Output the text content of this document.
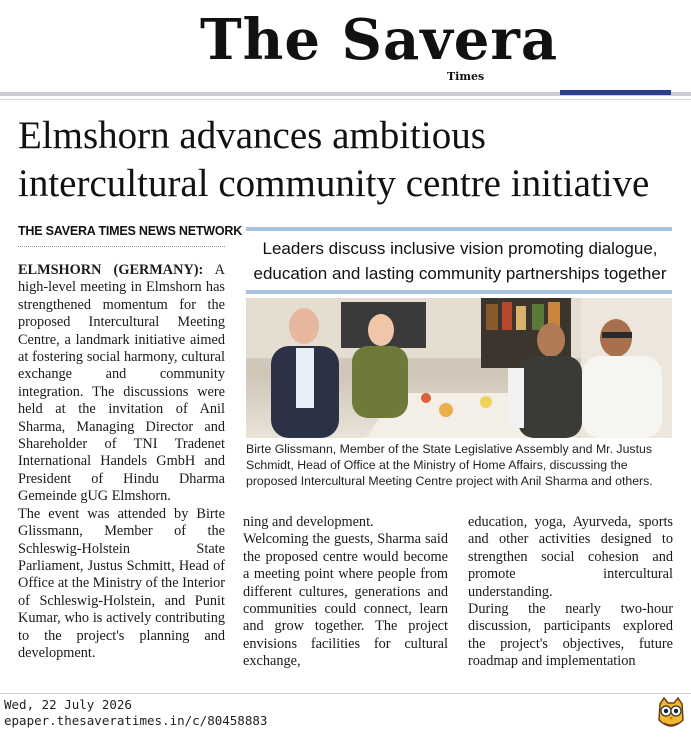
The Savera
Times
Elmshorn advances ambitious
intercultural community centre initiative
THE SAVERA TIMES NEWS NETWORK

ELMSHORN (GERMANY): A high-level meeting in Elmshorn has strengthened momentum for the proposed Intercultural Meeting Centre, a landmark initiative aimed at fostering social harmony, cultural exchange and community integration. The discussions were held at the invitation of Anil Sharma, Managing Director and Shareholder of TNI Tradenet International Handels GmbH and President of Hindu Dharma Gemeinde gUG Elmshorn.

The event was attended by Birte Glissmann, Member of the Schleswig-Holstein State Parliament, Justus Schmitt, Head of Office at the Ministry of the Interior of Schleswig-Holstein, and Punit Kumar, who is actively contributing to the project's planning and development.

Leaders discuss inclusive vision promoting dialogue,
education and lasting community partnerships together
Birte Glissmann, Member of the State Legislative Assembly and Mr. Justus Schmidt, Head of Office at the Ministry of Home Affairs, discussing the proposed Intercultural Meeting Centre project with Anil Sharma and others.

ning and development.

Welcoming the guests, Sharma said the proposed centre would become a meeting point where people from different cultures, generations and communities could connect, learn and grow together. The project envisions facilities for cultural exchange,

education, yoga, Ayurveda, sports and other activities designed to strengthen social cohesion and promote intercultural understanding.

During the nearly two-hour discussion, participants explored the project's objectives, future roadmap and implementation

Wed, 22 July 2026
epaper.thesaveratimes.in/c/80458883
